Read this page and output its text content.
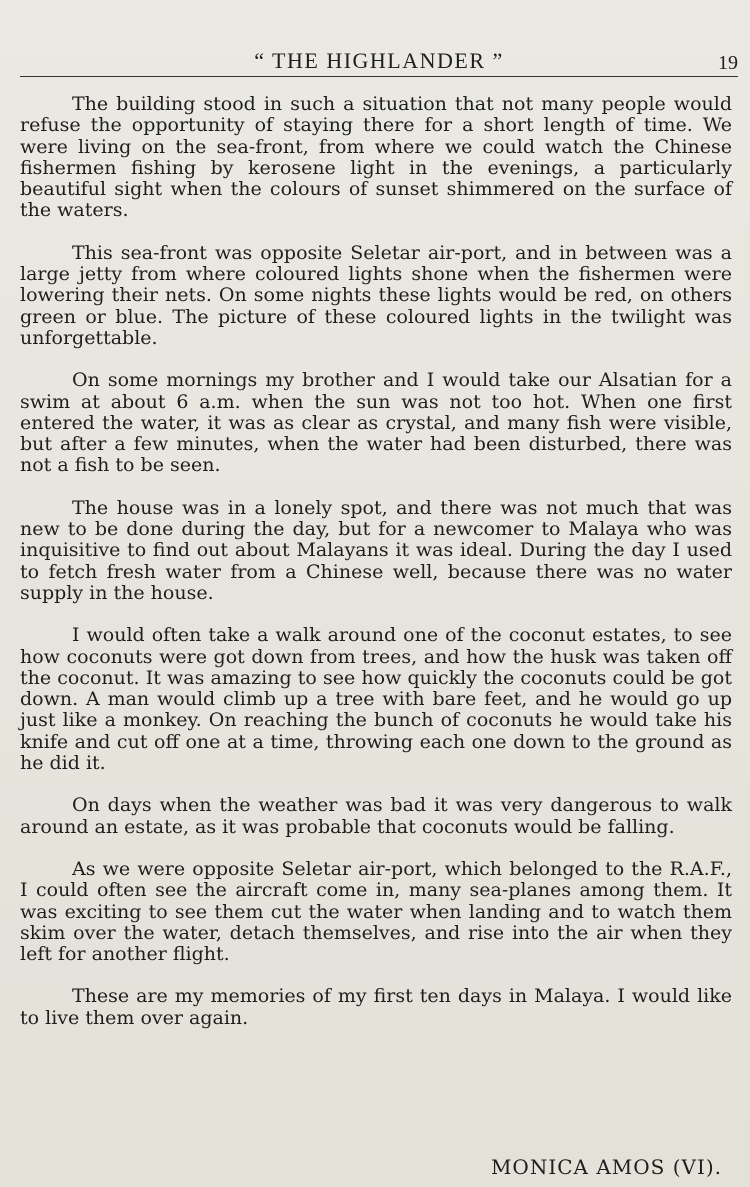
“ THE HIGHLANDER ”	19

The building stood in such a situation that not many people would refuse the opportunity of staying there for a short length of time. We were living on the sea-front, from where we could watch the Chinese fishermen fishing by kerosene light in the evenings, a particularly beautiful sight when the colours of sunset shimmered on the surface of the waters.

This sea-front was opposite Seletar air-port, and in between was a large jetty from where coloured lights shone when the fishermen were lowering their nets. On some nights these lights would be red, on others green or blue. The picture of these coloured lights in the twilight was unforgettable.

On some mornings my brother and I would take our Alsatian for a swim at about 6 a.m. when the sun was not too hot. When one first entered the water, it was as clear as crystal, and many fish were visible, but after a few minutes, when the water had been disturbed, there was not a fish to be seen.

The house was in a lonely spot, and there was not much that was new to be done during the day, but for a newcomer to Malaya who was inquisitive to find out about Malayans it was ideal. During the day I used to fetch fresh water from a Chinese well, because there was no water supply in the house.

I would often take a walk around one of the coconut estates, to see how coconuts were got down from trees, and how the husk was taken off the coconut. It was amazing to see how quickly the coconuts could be got down. A man would climb up a tree with bare feet, and he would go up just like a monkey. On reaching the bunch of coconuts he would take his knife and cut off one at a time, throwing each one down to the ground as he did it.

On days when the weather was bad it was very dangerous to walk around an estate, as it was probable that coconuts would be falling.

As we were opposite Seletar air-port, which belonged to the R.A.F., I could often see the aircraft come in, many sea-planes among them. It was exciting to see them cut the water when landing and to watch them skim over the water, detach themselves, and rise into the air when they left for another flight.

These are my memories of my first ten days in Malaya. I would like to live them over again.

MONICA AMOS (VI).
